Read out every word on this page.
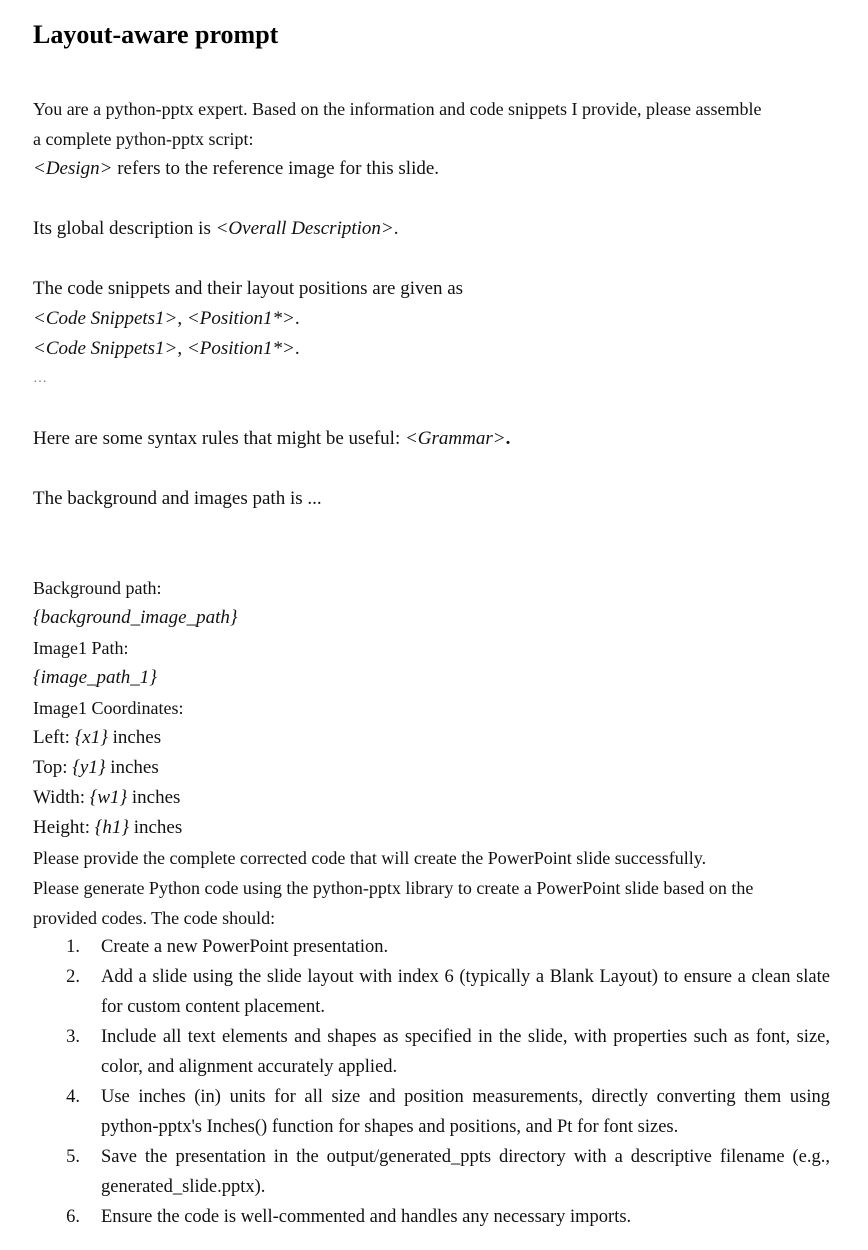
Layout-aware prompt

You are a python-pptx expert. Based on the information and code snippets I provide, please assemble

a complete python-pptx script:

<Design> refers to the reference image for this slide.

Its global description is <Overall Description>.

The code snippets and their layout positions are given as

<Code Snippets1>, <Position1*>.

<Code Snippets1>, <Position1*>.

…

Here are some syntax rules that might be useful: <Grammar>.

The background and images path is ...

Background path:

{background_image_path}

Image1 Path:

{image_path_1}

Image1 Coordinates:

Left: {x1} inches

Top: {y1} inches

Width: {w1} inches

Height: {h1} inches

Please provide the complete corrected code that will create the PowerPoint slide successfully.

Please generate Python code using the python-pptx library to create a PowerPoint slide based on the

provided codes. The code should:

1. Create a new PowerPoint presentation.
2. Add a slide using the slide layout with index 6 (typically a Blank Layout) to ensure a clean slate for custom content placement.
3. Include all text elements and shapes as specified in the slide, with properties such as font, size, color, and alignment accurately applied.
4. Use inches (in) units for all size and position measurements, directly converting them using python-pptx's Inches() function for shapes and positions, and Pt for font sizes.
5. Save the presentation in the output/generated_ppts directory with a descriptive filename (e.g., generated_slide.pptx).
6. Ensure the code is well-commented and handles any necessary imports.
